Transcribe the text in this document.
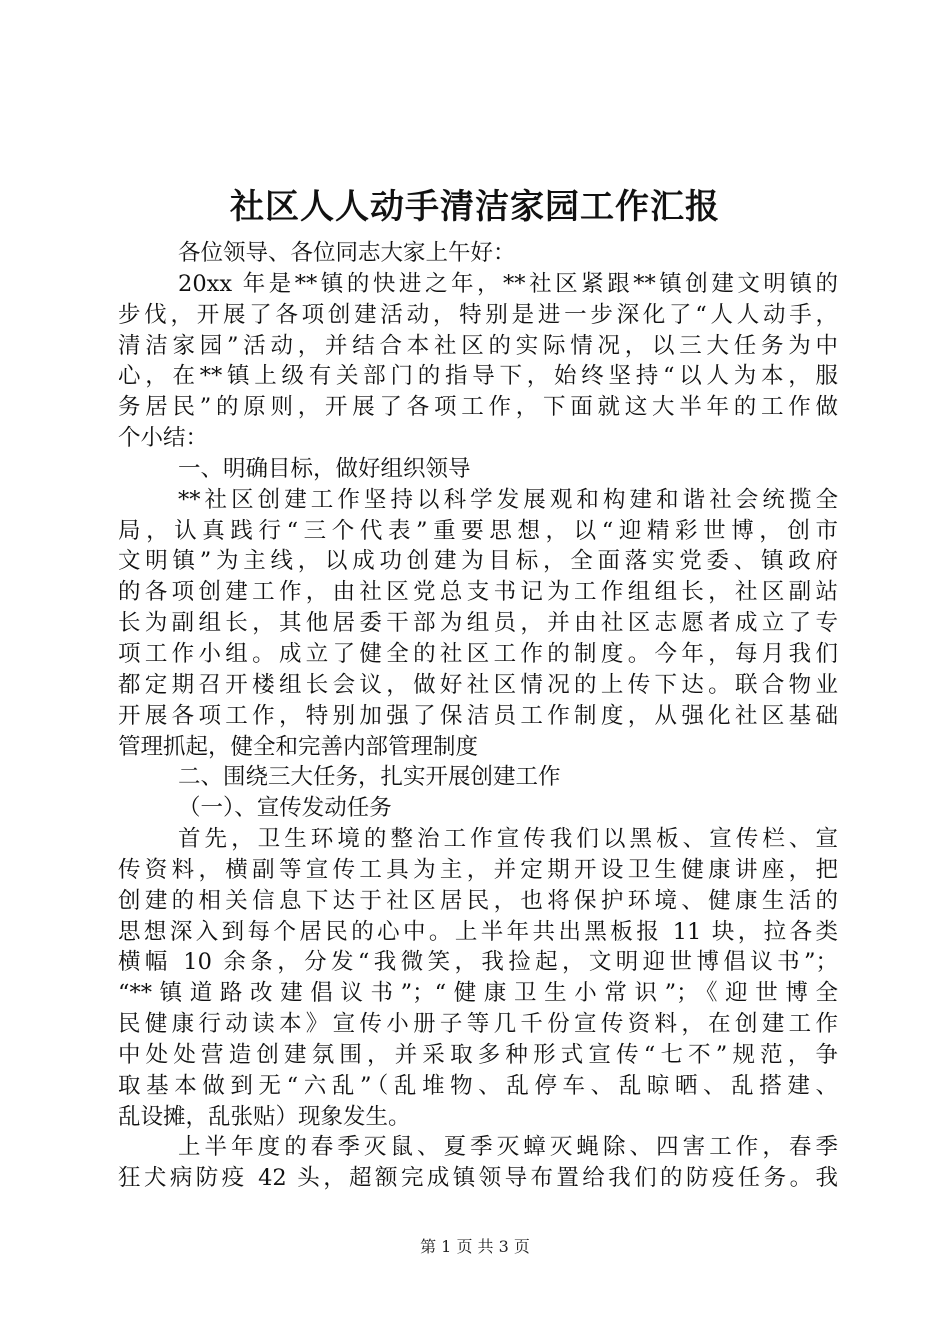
社区人人动手清洁家园工作汇报
各位领导、各位同志大家上午好：
20xx 年是**镇的快进之年，**社区紧跟**镇创建文明镇的
步伐，开展了各项创建活动，特别是进一步深化了“人人动手，
清洁家园”活动，并结合本社区的实际情况，以三大任务为中
心，在**镇上级有关部门的指导下，始终坚持“以人为本，服
务居民”的原则，开展了各项工作，下面就这大半年的工作做
个小结：
一、明确目标，做好组织领导
**社区创建工作坚持以科学发展观和构建和谐社会统揽全
局，认真践行“三个代表”重要思想，以“迎精彩世博，创市
文明镇”为主线，以成功创建为目标，全面落实党委、镇政府
的各项创建工作，由社区党总支书记为工作组组长，社区副站
长为副组长，其他居委干部为组员，并由社区志愿者成立了专
项工作小组。成立了健全的社区工作的制度。今年，每月我们
都定期召开楼组长会议，做好社区情况的上传下达。联合物业
开展各项工作，特别加强了保洁员工作制度，从强化社区基础
管理抓起，健全和完善内部管理制度
二、围绕三大任务，扎实开展创建工作
（一）、宣传发动任务
首先，卫生环境的整治工作宣传我们以黑板、宣传栏、宣
传资料，横副等宣传工具为主，并定期开设卫生健康讲座，把
创建的相关信息下达于社区居民，也将保护环境、健康生活的
思想深入到每个居民的心中。上半年共出黑板报 11 块，拉各类
横幅 10 余条，分发“我微笑，我捡起，文明迎世博倡议书”；
“**镇道路改建倡议书”；“健康卫生小常识”；《迎世博全
民健康行动读本》宣传小册子等几千份宣传资料，在创建工作
中处处营造创建氛围，并采取多种形式宣传“七不”规范，争
取基本做到无“六乱”（乱堆物、乱停车、乱晾晒、乱搭建、
乱设摊，乱张贴）现象发生。
上半年度的春季灭鼠、夏季灭蟑灭蝇除、四害工作，春季
狂犬病防疫 42 头，超额完成镇领导布置给我们的防疫任务。我
第 1 页 共 3 页
